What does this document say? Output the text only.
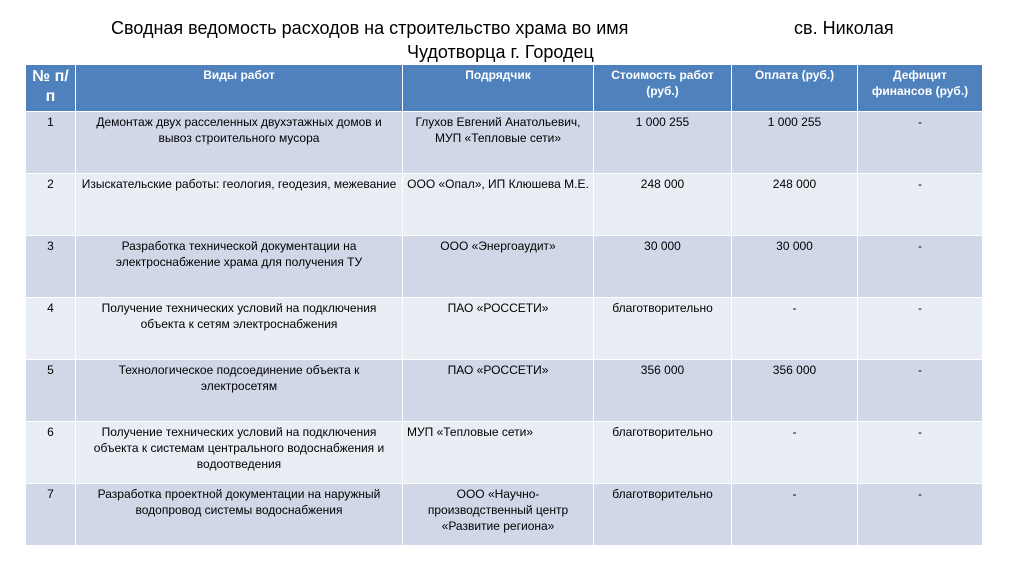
Сводная ведомость расходов на строительство храма во имя	св. Николая
Чудотворца г. Городец
№ п/п	Виды работ	Подрядчик	Стоимость работ (руб.)	Оплата (руб.)	Дефицит финансов (руб.)
1	Демонтаж двух расселенных двухэтажных домов и вывоз строительного мусора	Глухов Евгений Анатольевич, МУП «Тепловые сети»	1 000 255	1 000 255	-
2	Изыскательские работы: геология, геодезия, межевание	ООО «Опал», ИП Клюшева М.Е.	248 000	248 000	-
3	Разработка технической документации на электроснабжение храма для получения ТУ	ООО «Энергоаудит»	30 000	30 000	-
4	Получение технических условий на подключения объекта к сетям электроснабжения	ПАО «РОССЕТИ»	благотворительно	-	-
5	Технологическое подсоединение объекта к электросетям	ПАО «РОССЕТИ»	356 000	356 000	-
6	Получение технических условий на подключения объекта к системам центрального водоснабжения и водоотведения	МУП «Тепловые сети»	благотворительно	-	-
7	Разработка проектной документации на наружный водопровод системы водоснабжения	ООО «Научно-производственный центр «Развитие региона»	благотворительно	-	-
